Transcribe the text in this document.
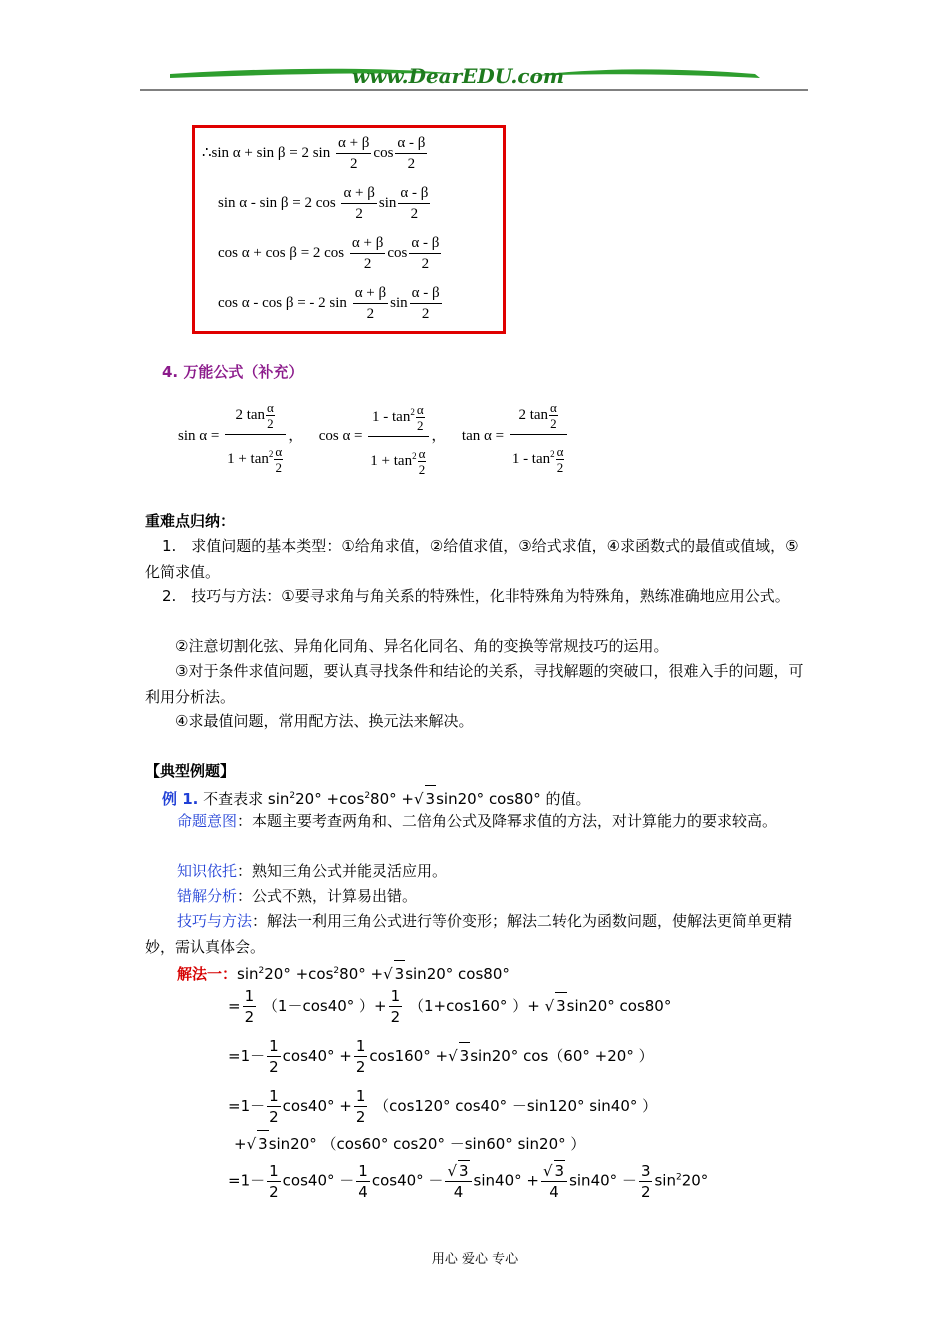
www.DearEDU.com
∴sin α + sin β = 2 $\sin \frac{\alpha + \beta}{2}$ $\cos \frac{\alpha - \beta}{2}$
sin α - sin β = 2 $\cos \frac{\alpha + \beta}{2}$ $\sin \frac{\alpha - \beta}{2}$
cos α + cos β = 2 $\cos \frac{\alpha + \beta}{2}$ $\cos \frac{\alpha - \beta}{2}$
cos α - cos β = - 2 $\sin \frac{\alpha + \beta}{2}$ $\sin \frac{\alpha - \beta}{2}$
4. 万能公式（补充）
$\sin \alpha = \frac{2 \tan \frac{\alpha}{2}}{1 + \tan^2 \frac{\alpha}{2}}$ ， $\cos \alpha = \frac{1 - \tan^2 \frac{\alpha}{2}}{1 + \tan^2 \frac{\alpha}{2}}$ ， $\tan \alpha = \frac{2 \tan \frac{\alpha}{2}}{1 - \tan^2 \frac{\alpha}{2}}$
重难点归纳：
1.　求值问题的基本类型：①给角求值，②给值求值，③给式求值，④求函数式的最值或值域，⑤化简求值。
2.　技巧与方法：①要寻求角与角关系的特殊性，化非特殊角为特殊角，熟练准确地应用公式。
②注意切割化弦、异角化同角、异名化同名、角的变换等常规技巧的运用。
③对于条件求值问题，要认真寻找条件和结论的关系，寻找解题的突破口，很难入手的问题，可利用分析法。
④求最值问题，常用配方法、换元法来解决。
【典型例题】
例 1. 不查表求 $\sin^220^\circ +\cos^280^\circ$ +√ 3sin20° cos80° 的值。
命题意图：本题主要考查两角和、二倍角公式及降幂求值的方法，对计算能力的要求较高。
知识依托：熟知三角公式并能灵活应用。
错解分析：公式不熟，计算易出错。
技巧与方法：解法一利用三角公式进行等价变形；解法二转化为函数问题，使解法更简单更精妙，需认真体会。
解法一：$\sin^220^\circ +\cos^280^\circ$ +√ 3sin20° cos80°
= $\frac{1}{2} (1-\cos 40^\circ$ ）+ $\frac{1}{2} (1+\cos 160^\circ$ ）+ √ 3sin20° cos80°
$=1- \frac{1}{2} \cos 40^\circ + \frac{1}{2} \cos 160^\circ$ +√ 3sin20° cos（60° +20° ）
$=1- \frac{1}{2} \cos 40^\circ + \frac{1}{2} (\cos 120^\circ$ cos40° －sin120° sin40° ）
+√ 3sin20° （cos60° cos20° －sin60° sin20° ）
$=1- \frac{1}{2} \cos 40^\circ - \frac{1}{4} \cos 40^\circ - \frac{√ 3}{4} \sin 40^\circ + \frac{√ 3}{4} \sin 40^\circ - \frac{3}{2} \sin^220^\circ$
用心 爱心 专心
